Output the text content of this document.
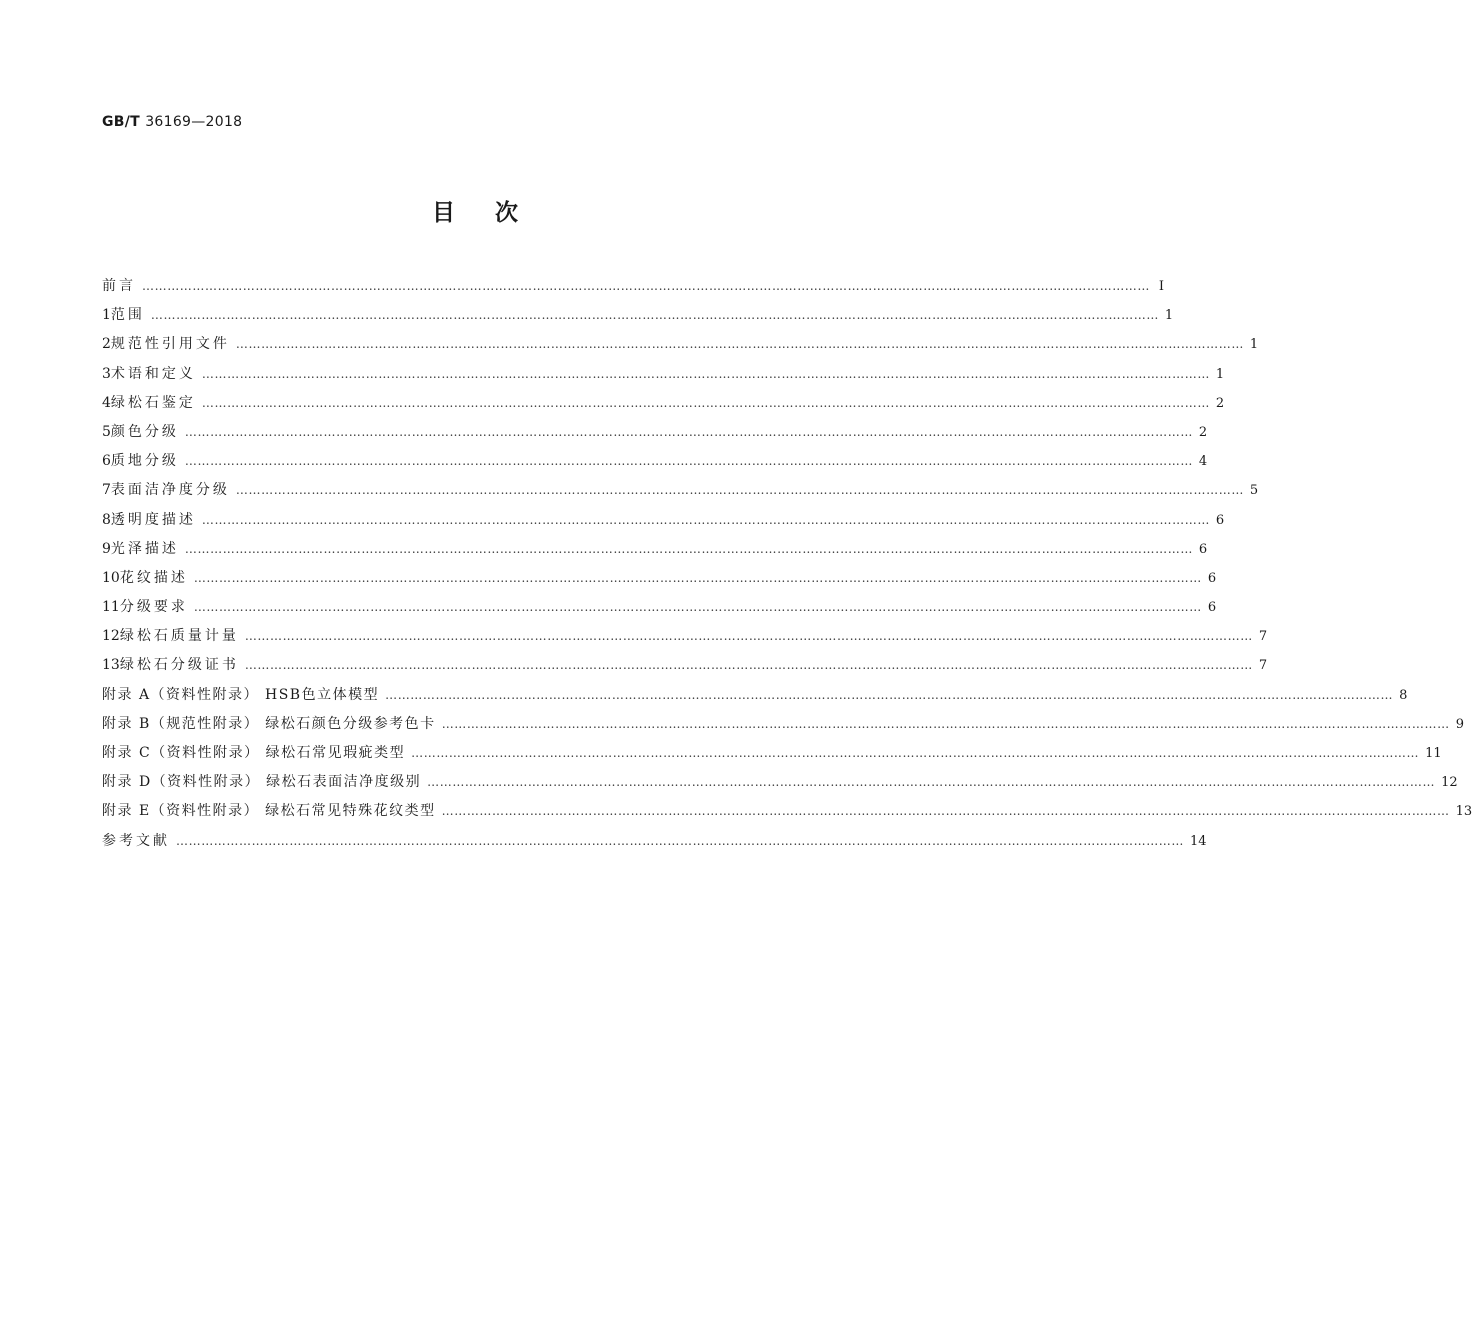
GB/T 36169—2018
目次
前言 …………………………………………………………………………………………………………………………………………………………………………………………………………………… Ⅰ
1 范围 …………………………………………………………………………………………………………………………………………………………………………………………………………………… 1
2 规范性引用文件 …………………………………………………………………………………………………………………………………………………………………………………………………………………… 1
3 术语和定义 …………………………………………………………………………………………………………………………………………………………………………………………………………………… 1
4 绿松石鉴定 …………………………………………………………………………………………………………………………………………………………………………………………………………………… 2
5 颜色分级 …………………………………………………………………………………………………………………………………………………………………………………………………………………… 2
6 质地分级 …………………………………………………………………………………………………………………………………………………………………………………………………………………… 4
7 表面洁净度分级 …………………………………………………………………………………………………………………………………………………………………………………………………………………… 5
8 透明度描述 …………………………………………………………………………………………………………………………………………………………………………………………………………………… 6
9 光泽描述 …………………………………………………………………………………………………………………………………………………………………………………………………………………… 6
10 花纹描述 …………………………………………………………………………………………………………………………………………………………………………………………………………………… 6
11 分级要求 …………………………………………………………………………………………………………………………………………………………………………………………………………………… 6
12 绿松石质量计量 …………………………………………………………………………………………………………………………………………………………………………………………………………………… 7
13 绿松石分级证书 …………………………………………………………………………………………………………………………………………………………………………………………………………………… 7
附录 A（资料性附录） HSB色立体模型 …………………………………………………………………………………………………………………………………………………………………………………………………………………… 8
附录 B（规范性附录） 绿松石颜色分级参考色卡 …………………………………………………………………………………………………………………………………………………………………………………………………………………… 9
附录 C（资料性附录） 绿松石常见瑕疵类型 …………………………………………………………………………………………………………………………………………………………………………………………………………………… 11
附录 D（资料性附录） 绿松石表面洁净度级别 …………………………………………………………………………………………………………………………………………………………………………………………………………………… 12
附录 E（资料性附录） 绿松石常见特殊花纹类型 …………………………………………………………………………………………………………………………………………………………………………………………………………………… 13
参考文献 …………………………………………………………………………………………………………………………………………………………………………………………………………………… 14
